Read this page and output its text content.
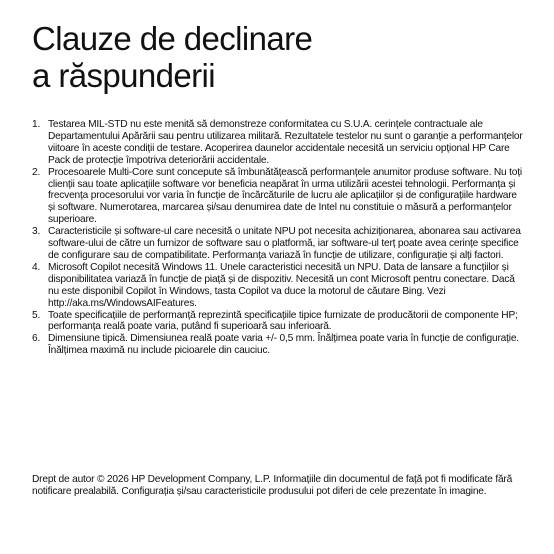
Clauze de declinare
a răspunderii
1. Testarea MIL-STD nu este menită să demonstreze conformitatea cu S.U.A. cerințele contractuale ale Departamentului Apărării sau pentru utilizarea militară. Rezultatele testelor nu sunt o garanție a performanțelor viitoare în aceste condiții de testare. Acoperirea daunelor accidentale necesită un serviciu opțional HP Care Pack de protecție împotriva deteriorării accidentale.
2. Procesoarele Multi-Core sunt concepute să îmbunătățească performanțele anumitor produse software. Nu toți clienții sau toate aplicațiile software vor beneficia neapărat în urma utilizării acestei tehnologii. Performanța și frecvența procesorului vor varia în funcție de încărcăturile de lucru ale aplicațiilor și de configurațiile hardware și software. Numerotarea, marcarea și/sau denumirea date de Intel nu constituie o măsură a performanțelor superioare.
3. Caracteristicile și software-ul care necesită o unitate NPU pot necesita achiziționarea, abonarea sau activarea software-ului de către un furnizor de software sau o platformă, iar software-ul terț poate avea cerințe specifice de configurare sau de compatibilitate. Performanța variază în funcție de utilizare, configurație și alți factori.
4. Microsoft Copilot necesită Windows 11. Unele caracteristici necesită un NPU. Data de lansare a funcțiilor și disponibilitatea variază în funcție de piață și de dispozitiv. Necesită un cont Microsoft pentru conectare. Dacă nu este disponibil Copilot în Windows, tasta Copilot va duce la motorul de căutare Bing. Vezi http://aka.ms/WindowsAIFeatures.
5. Toate specificațiile de performanță reprezintă specificațiile tipice furnizate de producătorii de componente HP; performanța reală poate varia, putând fi superioară sau inferioară.
6. Dimensiune tipică. Dimensiunea reală poate varia +/- 0,5 mm. Înălțimea poate varia în funcție de configurație. Înălțimea maximă nu include picioarele din cauciuc.

Drept de autor © 2026 HP Development Company, L.P. Informațiile din documentul de față pot fi modificate fără notificare prealabilă. Configurația și/sau caracteristicile produsului pot diferi de cele prezentate în imagine.
